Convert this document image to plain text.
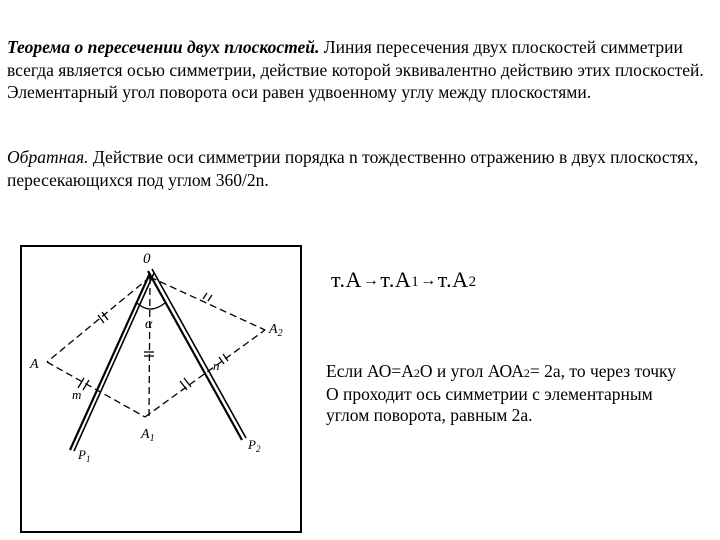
Теорема о пересечении двух плоскостей. Линия пересечения двух плоскостей симметрии всегда является осью симметрии, действие которой эквивалентно действию этих плоскостей. Элементарный угол поворота оси равен удвоенному углу между плоскостями.

Обратная. Действие оси симметрии порядка n тождественно отражению в двух плоскостях, пересекающихся под углом 360/2n.

0
α
A
$A_1$
$A_2$
m
n
$P_1$
$P_2$
т.А→т.А1→т.А2

Если АО=А2О и угол АОА2= 2а, то через точку О проходит ось симметрии с элементарным углом поворота, равным 2а.
